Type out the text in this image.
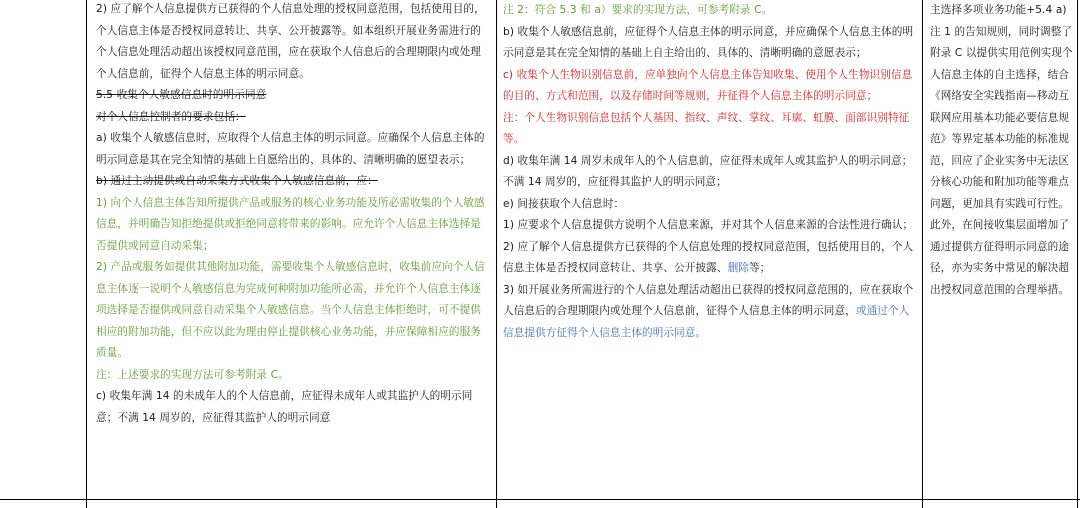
2) 应了解个人信息提供方已获得的个人信息处理的授权同意范围，包括使用目的，个人信息主体是否授权同意转让、共享、公开披露等。如本组织开展业务需进行的个人信息处理活动超出该授权同意范围，应在获取个人信息后的合理期限内或处理个人信息前，征得个人信息主体的明示同意。

5.5 收集个人敏感信息时的明示同意

对个人信息控制者的要求包括：

a) 收集个人敏感信息时，应取得个人信息主体的明示同意。应确保个人信息主体的明示同意是其在完全知情的基础上自愿给出的、具体的、清晰明确的愿望表示；

b) 通过主动提供或自动采集方式收集个人敏感信息前，应：

1) 向个人信息主体告知所提供产品或服务的核心业务功能及所必需收集的个人敏感信息，并明确告知拒绝提供或拒绝同意将带来的影响。应允许个人信息主体选择是否提供或同意自动采集；

2) 产品或服务如提供其他附加功能，需要收集个人敏感信息时，收集前应向个人信息主体逐一说明个人敏感信息为完成何种附加功能所必需，并允许个人信息主体逐项选择是否提供或同意自动采集个人敏感信息。当个人信息主体拒绝时，可不提供相应的附加功能，但不应以此为理由停止提供核心业务功能，并应保障相应的服务质量。

注：上述要求的实现方法可参考附录 C。

c) 收集年满 14 的未成年人的个人信息前，应征得未成年人或其监护人的明示同意；不满 14 周岁的，应征得其监护人的明示同意

注 2：符合 5.3 和 a）要求的实现方法，可参考附录 C。

b) 收集个人敏感信息前，应征得个人信息主体的明示同意，并应确保个人信息主体的明示同意是其在完全知情的基础上自主给出的、具体的、清晰明确的意愿表示；

c) 收集个人生物识别信息前，应单独向个人信息主体告知收集、使用个人生物识别信息的目的、方式和范围，以及存储时间等规则，并征得个人信息主体的明示同意；

注：个人生物识别信息包括个人基因、指纹、声纹、掌纹、耳廓、虹膜、面部识别特征等。

d) 收集年满 14 周岁未成年人的个人信息前，应征得未成年人或其监护人的明示同意；不满 14 周岁的，应征得其监护人的明示同意；

e) 间接获取个人信息时：

1) 应要求个人信息提供方说明个人信息来源，并对其个人信息来源的合法性进行确认；

2) 应了解个人信息提供方已获得的个人信息处理的授权同意范围，包括使用目的，个人信息主体是否授权同意转让、共享、公开披露、删除等；

3) 如开展业务所需进行的个人信息处理活动超出已获得的授权同意范围的，应在获取个人信息后的合理期限内或处理个人信息前，征得个人信息主体的明示同意，或通过个人信息提供方征得个人信息主体的明示同意。

主选择多项业务功能+5.4 a) 注 1 的告知规则，同时调整了附录 C 以提供实用范例实现个人信息主体的自主选择，结合《网络安全实践指南—移动互联网应用基本功能必要信息规范》等界定基本功能的标准规范，回应了企业实务中无法区分核心功能和附加功能等难点问题，更加具有实践可行性。

此外，在间接收集层面增加了通过提供方征得明示同意的途径，亦为实务中常见的解决超出授权同意范围的合理举措。
